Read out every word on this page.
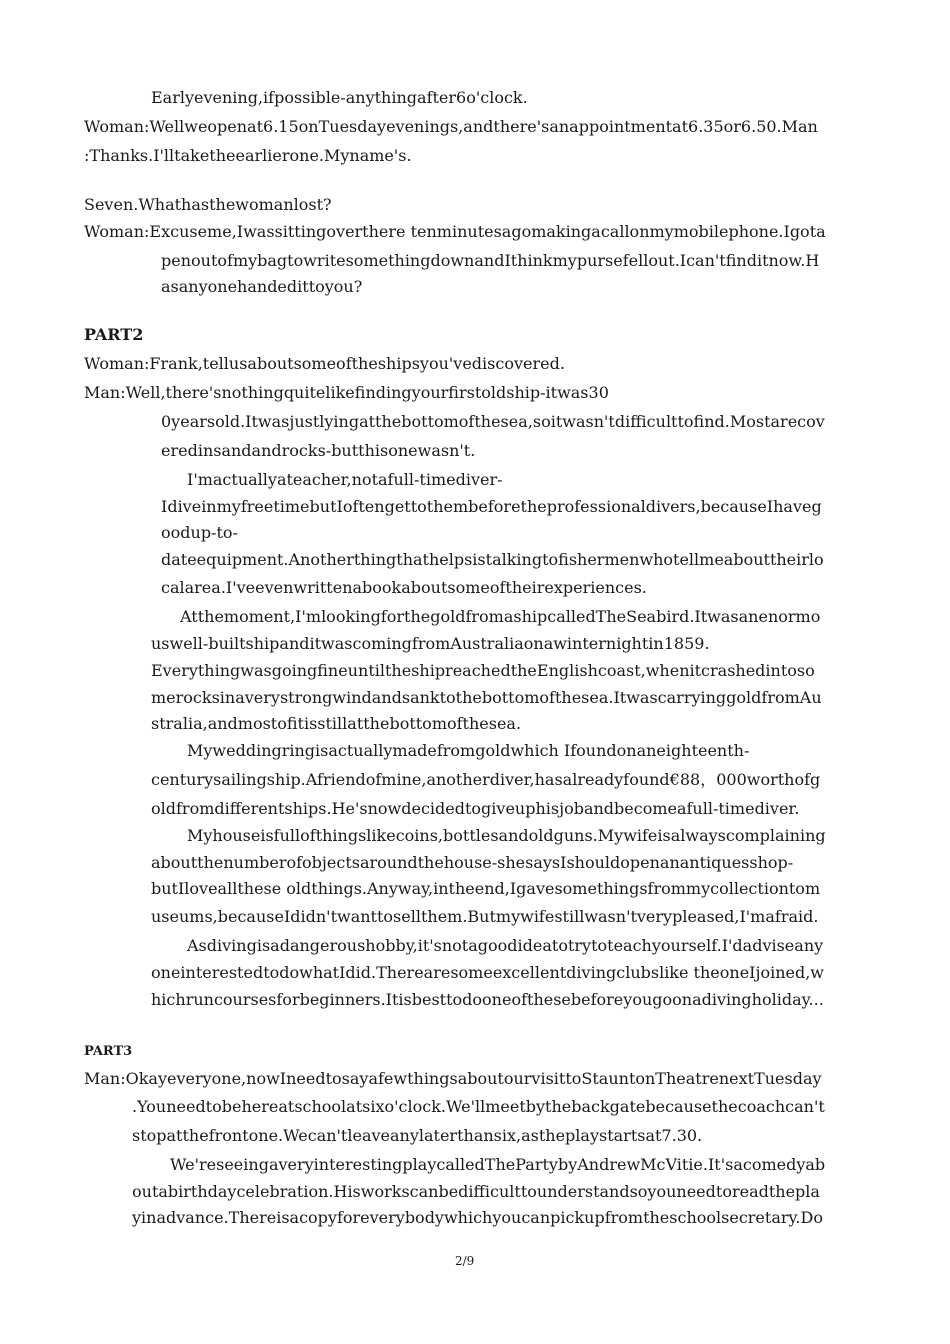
Earlyevening,ifpossible-anythingafter6o'clock.
Woman:Wellweopenat6.15onTuesdayevenings,andthere'sanappointmentat6.35or6.50.Man
:Thanks.I'lltaketheearlierone.Myname's.
Seven.Whathasthewomanlost?
Woman:Excuseme,Iwassittingoverthere tenminutesagomakingacallonmymobilephone.Igota
penoutofmybagtowritesomethingdownandIthinkmypursefellout.Ican'tfinditnow.H
asanyonehandedittoyou?
PART2
Woman:Frank,tellusaboutsomeoftheshipsyou'vediscovered.
Man:Well,there'snothingquitelikefindingyourfirstoldship-itwas30
0yearsold.Itwasjustlyingatthebottomofthesea,soitwasn'tdifficulttofind.Mostarecov
eredinsandandrocks-butthisonewasn't.
I'mactuallyateacher,notafull-timediver-
IdiveinmyfreetimebutIoftengettothembeforetheprofessionaldivers,becauseIhaveg
oodup-to-
dateequipment.Anotherthingthathelpsistalkingtofishermenwhotellmeabouttheirlo
calarea.I'veevenwrittenabookaboutsomeoftheirexperiences.
Atthemoment,I'mlookingforthegoldfromashipcalledTheSeabird.Itwasanenormo
uswell-builtshipanditwascomingfromAustraliaonawinternightin1859.
EverythingwasgoingfineuntiltheshipreachedtheEnglishcoast,whenitcrashedintoso
merocksinaverystrongwindandsanktothebottomofthesea.ItwascarryinggoldfromAu
stralia,andmostofitisstillatthebottomofthesea.
Myweddingringisactuallymadefromgoldwhich Ifoundonaneighteenth-
centurysailingship.Afriendofmine,anotherdiver,hasalreadyfound€88，000worthofg
oldfromdifferentships.He'snowdecidedtogiveuphisjobandbecomeafull-timediver.
Myhouseisfullofthingslikecoins,bottlesandoldguns.Mywifeisalwayscomplaining
aboutthenumberofobjectsaroundthehouse-shesaysIshouldopenanantiquesshop-
butIloveallthese oldthings.Anyway,intheend,Igavesomethingsfrommycollectiontom
useums,becauseIdidn'twanttosellthem.Butmywifestillwasn'tverypleased,I'mafraid.
Asdivingisadangeroushobby,it'snotagoodideatotrytoteachyourself.I'dadviseany
oneinterestedtodowhatIdid.Therearesomeexcellentdivingclubslike theoneIjoined,w
hichruncoursesforbeginners.Itisbesttodooneofthesebeforeyougoonadivingholiday...
PART3
Man:Okayeveryone,nowIneedtosayafewthingsaboutourvisittoStauntonTheatrenextTuesday
.Youneedtobehereatschoolatsixo'clock.We'llmeetbythebackgatebecausethecoachcan't
stopatthefrontone.Wecan'tleaveanylaterthansix,astheplaystartsat7.30.
We'reseeingaveryinterestingplaycalledThePartybyAndrewMcVitie.It'sacomedyab
outabirthdaycelebration.Hisworkscanbedifficulttounderstandsoyouneedtoreadthepla
yinadvance.Thereisacopyforeverybodywhichyoucanpickupfromtheschoolsecretary.Do
2/9
